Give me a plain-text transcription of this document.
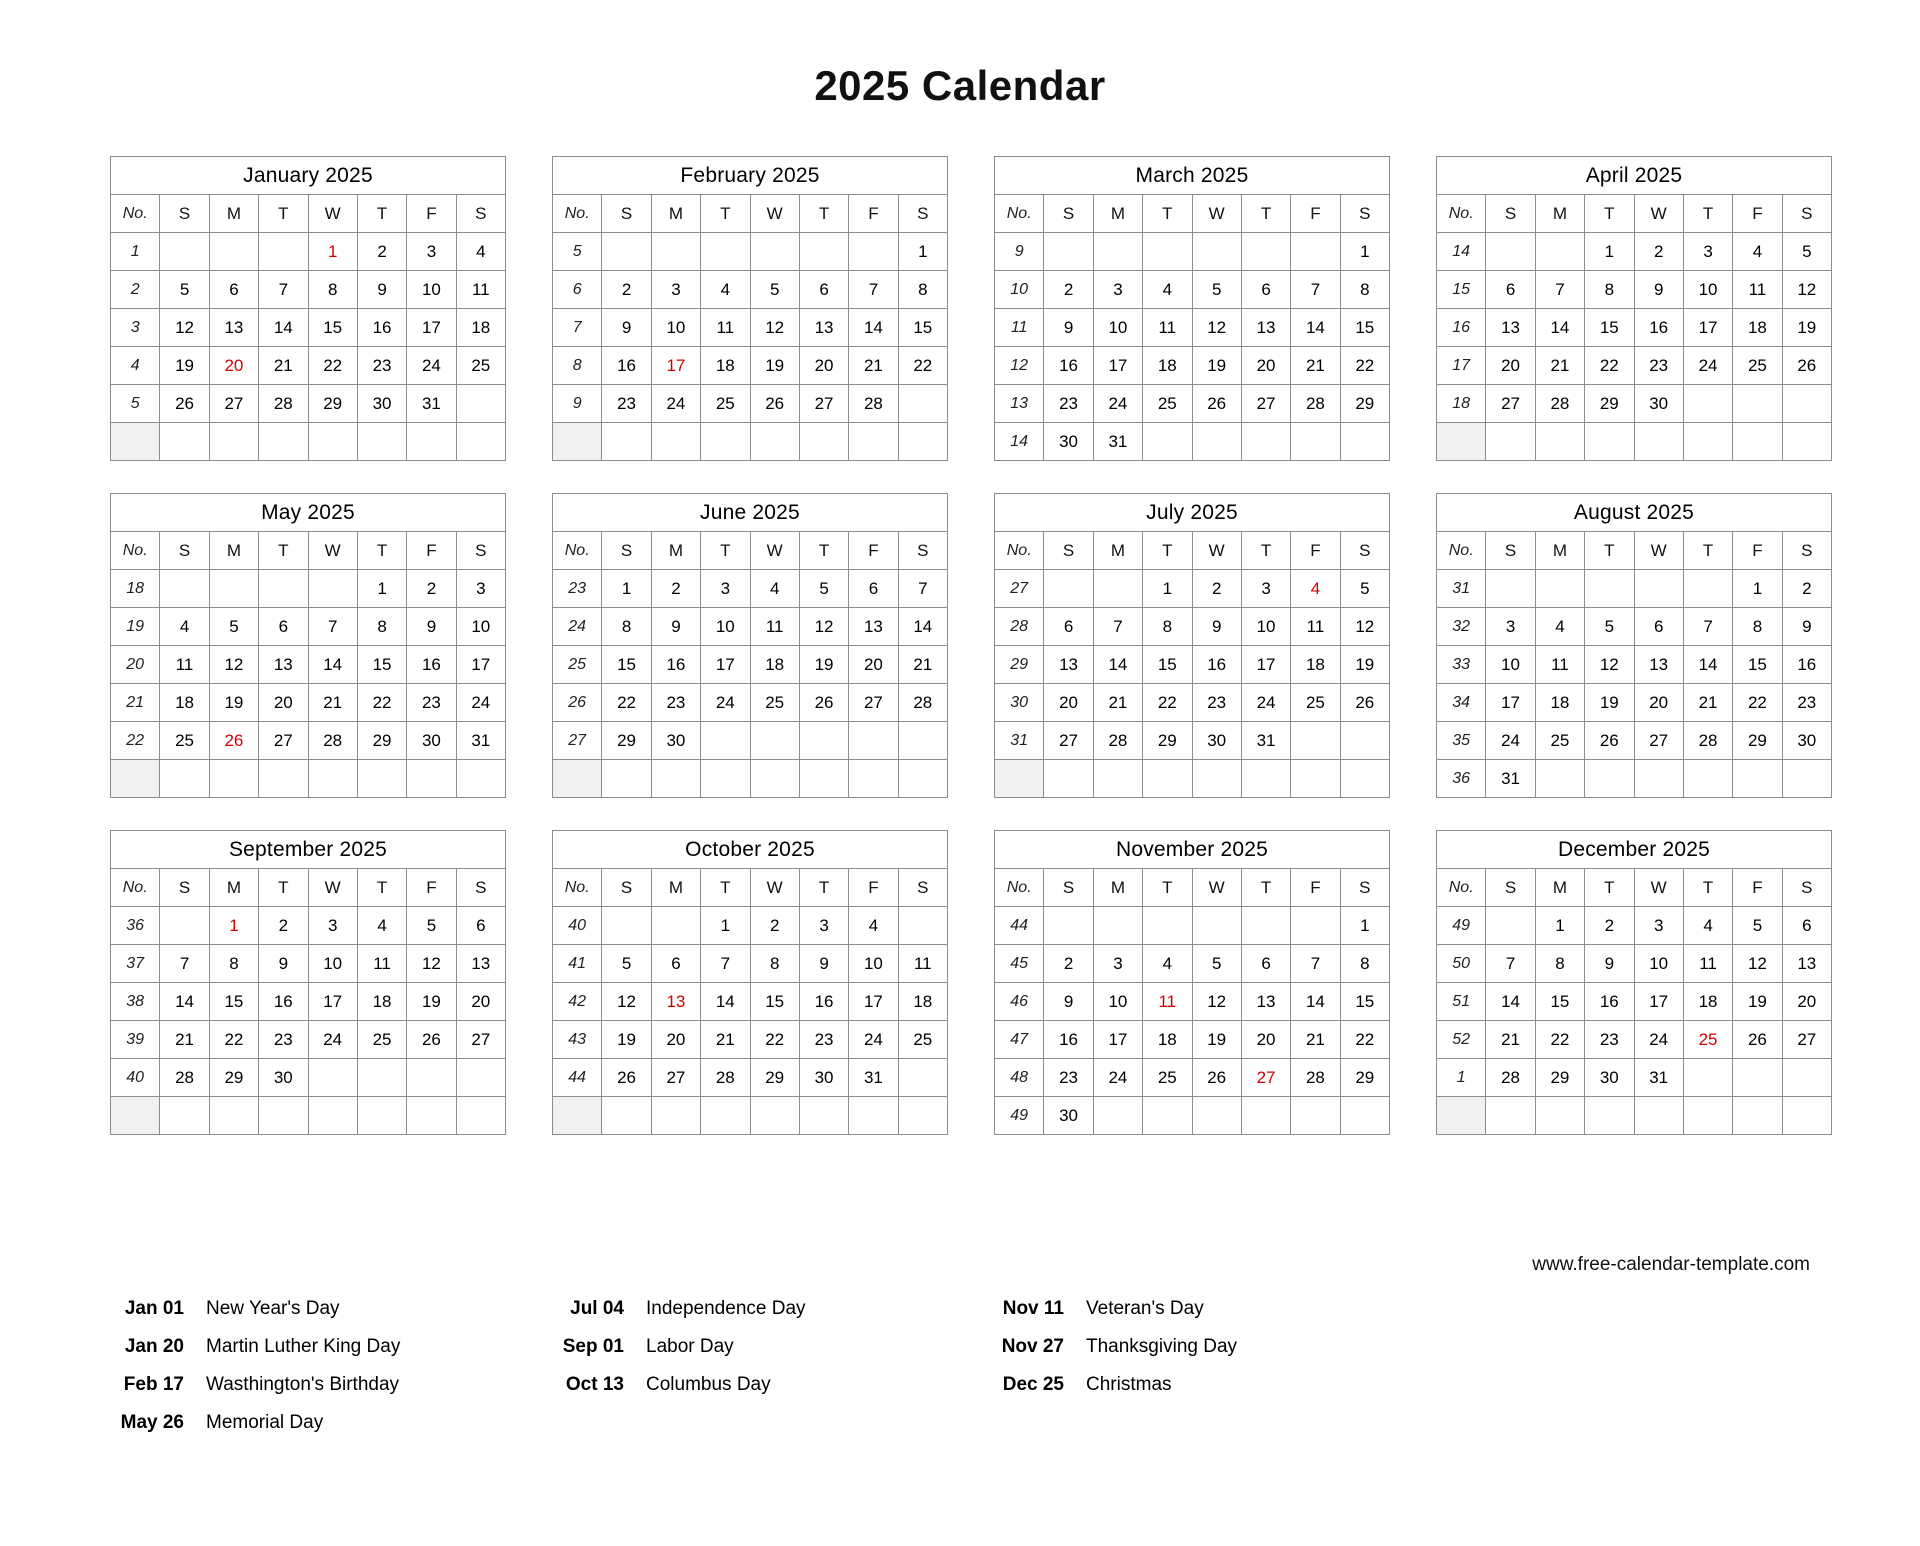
2025 Calendar
January 2025							
No.	S	M	T	W	T	F	S
1				1	2	3	4
2	5	6	7	8	9	10	11
3	12	13	14	15	16	17	18
4	19	20	21	22	23	24	25
5	26	27	28	29	30	31	

February 2025							
No.	S	M	T	W	T	F	S
5							1
6	2	3	4	5	6	7	8
7	9	10	11	12	13	14	15
8	16	17	18	19	20	21	22
9	23	24	25	26	27	28	

March 2025							
No.	S	M	T	W	T	F	S
9							1
10	2	3	4	5	6	7	8
11	9	10	11	12	13	14	15
12	16	17	18	19	20	21	22
13	23	24	25	26	27	28	29
14	30	31					
April 2025							
No.	S	M	T	W	T	F	S
14			1	2	3	4	5
15	6	7	8	9	10	11	12
16	13	14	15	16	17	18	19
17	20	21	22	23	24	25	26
18	27	28	29	30			

May 2025							
No.	S	M	T	W	T	F	S
18					1	2	3
19	4	5	6	7	8	9	10
20	11	12	13	14	15	16	17
21	18	19	20	21	22	23	24
22	25	26	27	28	29	30	31

June 2025							
No.	S	M	T	W	T	F	S
23	1	2	3	4	5	6	7
24	8	9	10	11	12	13	14
25	15	16	17	18	19	20	21
26	22	23	24	25	26	27	28
27	29	30					

July 2025							
No.	S	M	T	W	T	F	S
27			1	2	3	4	5
28	6	7	8	9	10	11	12
29	13	14	15	16	17	18	19
30	20	21	22	23	24	25	26
31	27	28	29	30	31		

August 2025							
No.	S	M	T	W	T	F	S
31						1	2
32	3	4	5	6	7	8	9
33	10	11	12	13	14	15	16
34	17	18	19	20	21	22	23
35	24	25	26	27	28	29	30
36	31						
September 2025							
No.	S	M	T	W	T	F	S
36		1	2	3	4	5	6
37	7	8	9	10	11	12	13
38	14	15	16	17	18	19	20
39	21	22	23	24	25	26	27
40	28	29	30				

October 2025							
No.	S	M	T	W	T	F	S
40			1	2	3	4	
41	5	6	7	8	9	10	11
42	12	13	14	15	16	17	18
43	19	20	21	22	23	24	25
44	26	27	28	29	30	31	

November 2025							
No.	S	M	T	W	T	F	S
44							1
45	2	3	4	5	6	7	8
46	9	10	11	12	13	14	15
47	16	17	18	19	20	21	22
48	23	24	25	26	27	28	29
49	30						
December 2025							
No.	S	M	T	W	T	F	S
49		1	2	3	4	5	6
50	7	8	9	10	11	12	13
51	14	15	16	17	18	19	20
52	21	22	23	24	25	26	27
1	28	29	30	31			

www.free-calendar-template.com
Jan 01	New Year's Day
Jan 20	Martin Luther King Day
Feb 17	Wasthington's Birthday
May 26	Memorial Day
Jul 04	Independence Day
Sep 01	Labor Day
Oct 13	Columbus Day
Nov 11	Veteran's Day
Nov 27	Thanksgiving Day
Dec 25	Christmas
